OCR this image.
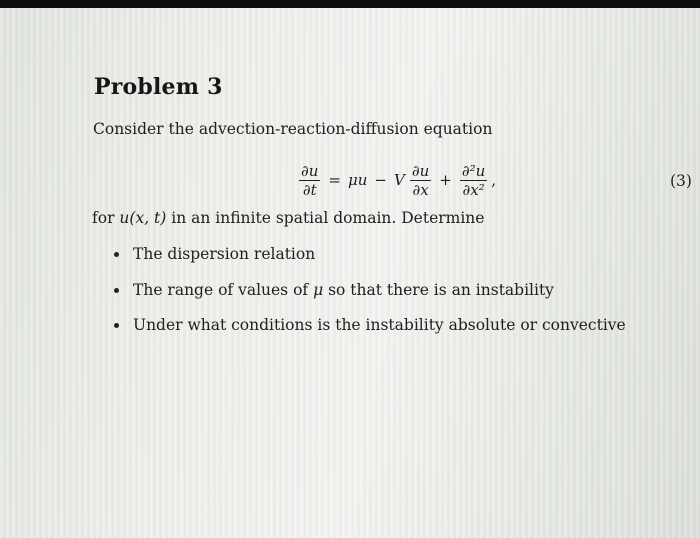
Problem 3
Consider the advection-reaction-diffusion equation
$\frac{\partial u}{\partial t} = \mu u - V \frac{\partial u}{\partial x} + \frac{\text{∂²u}}{\text{∂x²}}$ ,	(3)
for u(x, t) in an infinite spatial domain. Determine
The dispersion relation
The range of values of
μ
so that there is an instability
Under what conditions is the instability absolute or convective
